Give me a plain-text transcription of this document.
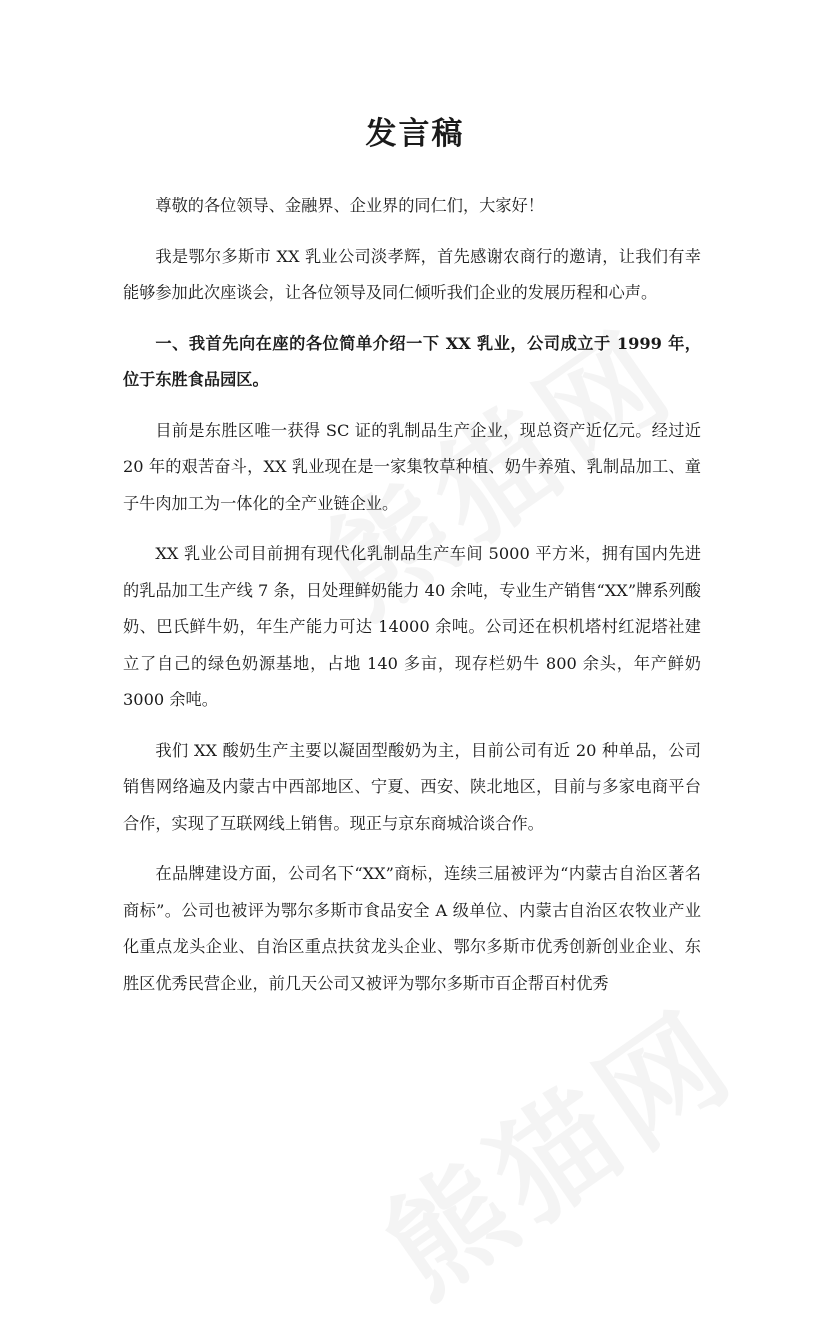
发言稿

尊敬的各位领导、金融界、企业界的同仁们，大家好！

我是鄂尔多斯市 XX 乳业公司淡孝辉，首先感谢农商行的邀请，让我们有幸能够参加此次座谈会，让各位领导及同仁倾听我们企业的发展历程和心声。

一、我首先向在座的各位简单介绍一下 XX 乳业，公司成立于 1999 年，位于东胜食品园区。

目前是东胜区唯一获得 SC 证的乳制品生产企业，现总资产近亿元。经过近 20 年的艰苦奋斗，XX 乳业现在是一家集牧草种植、奶牛养殖、乳制品加工、童子牛肉加工为一体化的全产业链企业。

XX 乳业公司目前拥有现代化乳制品生产车间 5000 平方米，拥有国内先进的乳品加工生产线 7 条，日处理鲜奶能力 40 余吨，专业生产销售“XX”牌系列酸奶、巴氏鲜牛奶，年生产能力可达 14000 余吨。公司还在枳机塔村红泥塔社建立了自己的绿色奶源基地，占地 140 多亩，现存栏奶牛 800 余头，年产鲜奶 3000 余吨。

我们 XX 酸奶生产主要以凝固型酸奶为主，目前公司有近 20 种单品，公司销售网络遍及内蒙古中西部地区、宁夏、西安、陕北地区，目前与多家电商平台合作，实现了互联网线上销售。现正与京东商城洽谈合作。

在品牌建设方面，公司名下“XX”商标，连续三届被评为“内蒙古自治区著名商标”。公司也被评为鄂尔多斯市食品安全 A 级单位、内蒙古自治区农牧业产业化重点龙头企业、自治区重点扶贫龙头企业、鄂尔多斯市优秀创新创业企业、东胜区优秀民营企业，前几天公司又被评为鄂尔多斯市百企帮百村优秀
